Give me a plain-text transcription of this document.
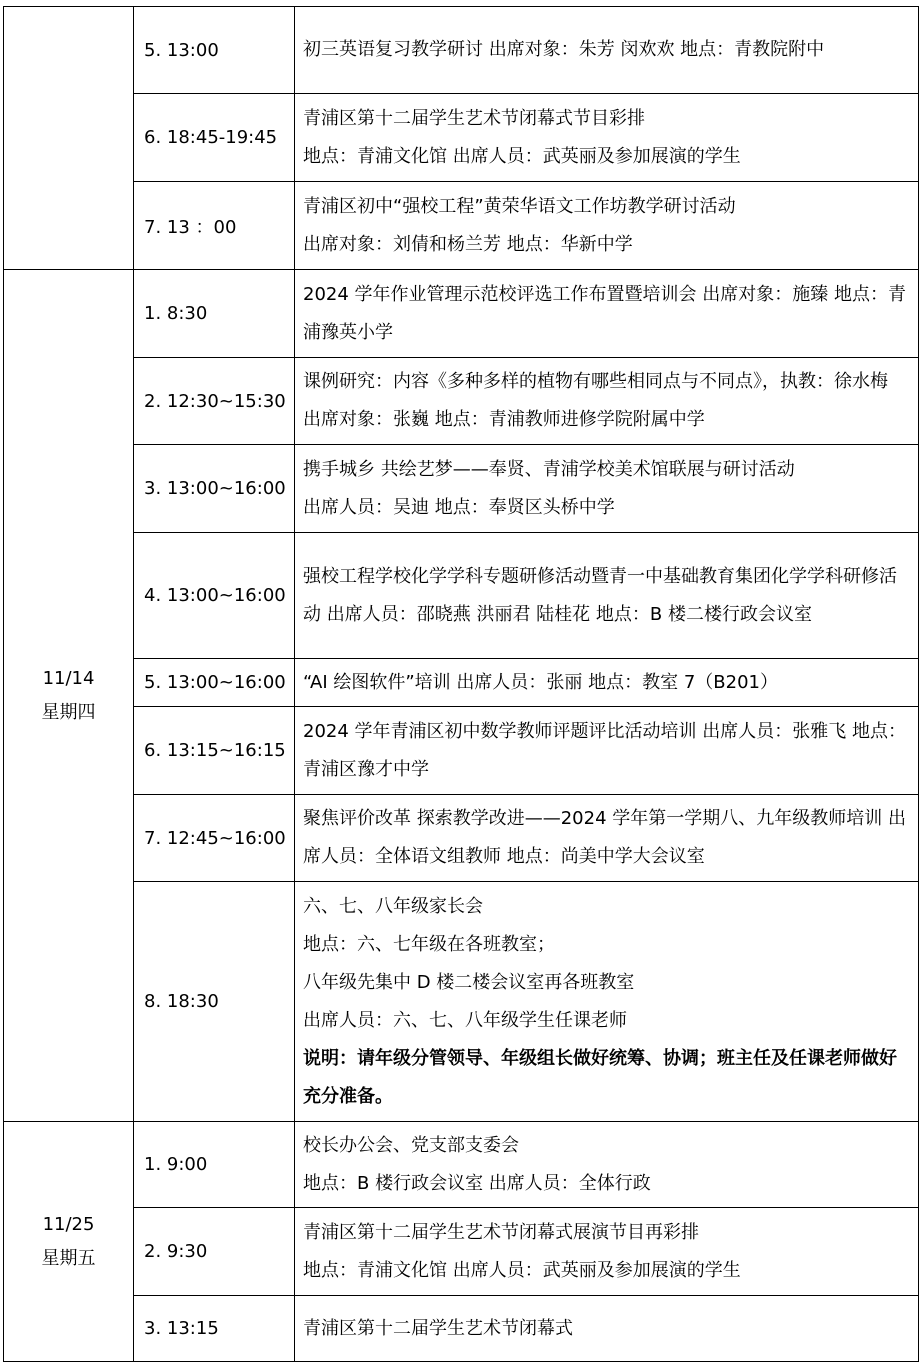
	5. 13:00	初三英语复习教学研讨 出席对象：朱芳 闵欢欢 地点：青教院附中

	6. 18:45-19:45	青浦区第十二届学生艺术节闭幕式节目彩排
地点：青浦文化馆 出席人员：武英丽及参加展演的学生

	7. 13 ：00	青浦区初中“强校工程”黄荣华语文工作坊教学研讨活动
出席对象：刘倩和杨兰芳 地点：华新中学

11/14
星期四	1. 8:30	2024 学年作业管理示范校评选工作布置暨培训会 出席对象：施臻 地点：青浦豫英小学

	2. 12:30~15:30	课例研究：内容《多种多样的植物有哪些相同点与不同点》，执教：徐水梅 出席对象：张巍 地点：青浦教师进修学院附属中学

	3. 13:00~16:00	携手城乡 共绘艺梦——奉贤、青浦学校美术馆联展与研讨活动
出席人员：吴迪 地点：奉贤区头桥中学

	4. 13:00~16:00	强校工程学校化学学科专题研修活动暨青一中基础教育集团化学学科研修活动 出席人员：邵晓燕 洪丽君 陆桂花 地点：B 楼二楼行政会议室

	5. 13:00~16:00	“AI 绘图软件”培训 出席人员：张丽 地点：教室 7（B201）

	6. 13:15~16:15	2024 学年青浦区初中数学教师评题评比活动培训 出席人员：张雅飞 地点：青浦区豫才中学

	7. 12:45~16:00	聚焦评价改革 探索教学改进——2024 学年第一学期八、九年级教师培训 出席人员：全体语文组教师 地点：尚美中学大会议室

	8. 18:30	六、七、八年级家长会
地点：六、七年级在各班教室；
八年级先集中 D 楼二楼会议室再各班教室
出席人员：六、七、八年级学生任课老师
说明：请年级分管领导、年级组长做好统筹、协调；班主任及任课老师做好充分准备。

11/25
星期五	1. 9:00	校长办公会、党支部支委会
地点：B 楼行政会议室 出席人员：全体行政

	2. 9:30	青浦区第十二届学生艺术节闭幕式展演节目再彩排
地点：青浦文化馆 出席人员：武英丽及参加展演的学生

	3. 13:15	青浦区第十二届学生艺术节闭幕式
